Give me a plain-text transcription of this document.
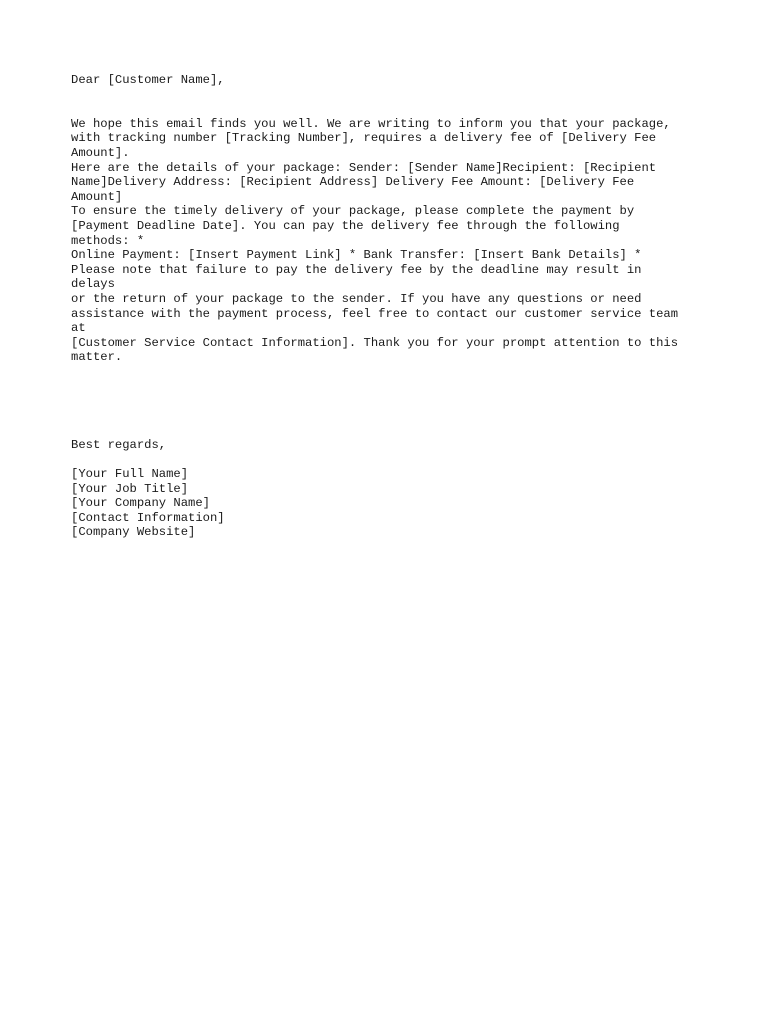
Dear [Customer Name],
We hope this email finds you well. We are writing to inform you that your package,
with tracking number [Tracking Number], requires a delivery fee of [Delivery Fee
Amount].
Here are the details of your package: Sender: [Sender Name]Recipient: [Recipient
Name]Delivery Address: [Recipient Address] Delivery Fee Amount: [Delivery Fee
Amount]
To ensure the timely delivery of your package, please complete the payment by
[Payment Deadline Date]. You can pay the delivery fee through the following
methods: *
Online Payment: [Insert Payment Link] * Bank Transfer: [Insert Bank Details] *
Please note that failure to pay the delivery fee by the deadline may result in
delays
or the return of your package to the sender. If you have any questions or need
assistance with the payment process, feel free to contact our customer service team
at
[Customer Service Contact Information]. Thank you for your prompt attention to this
matter.
Best regards,
[Your Full Name]
[Your Job Title]
[Your Company Name]
[Contact Information]
[Company Website]
